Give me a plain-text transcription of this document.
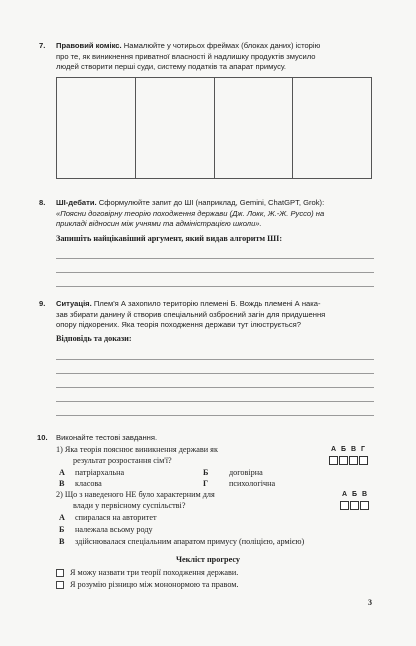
7. Правовий комікс. Намалюйте у чотирьох фреймах (блоках даних) історію
про те, як виникнення приватної власності й надлишку продуктів змусило
людей створити перші суди, систему податків та апарат примусу.
8. ШІ-дебати. Сформулюйте запит до ШІ (наприклад, Gemini, ChatGPT, Grok):
«Поясни договірну теорію походження держави (Дж. Локк, Ж.-Ж. Руссо) на
прикладі відносин між учнями та адміністрацією школи».
Запишіть найцікавіший аргумент, який видав алгоритм ШІ:
9. Ситуація. Плем'я А захопило територію племені Б. Вождь племені А нака-
зав збирати данину й створив спеціальний озброєний загін для придушення
опору підкорених. Яка теорія походження держави тут ілюструється?
Відповідь та докази:
10. Виконайте тестові завдання.
1) Яка теорія пояснює виникнення держави як
результат розростання сім'ї?
А Б В Г
А патріархальна	Б	договірна
В класова	Г	психологічна
2) Що з наведеного НЕ було характерним для
влади у первісному суспільстві?
А Б В
А спиралася на авторитет
Б належала всьому роду
В здійснювалася спеціальним апаратом примусу (поліцією, армією)
Чекліст прогресу
Я можу назвати три теорії походження держави.
Я розумію різницю між мононормою та правом.
3
